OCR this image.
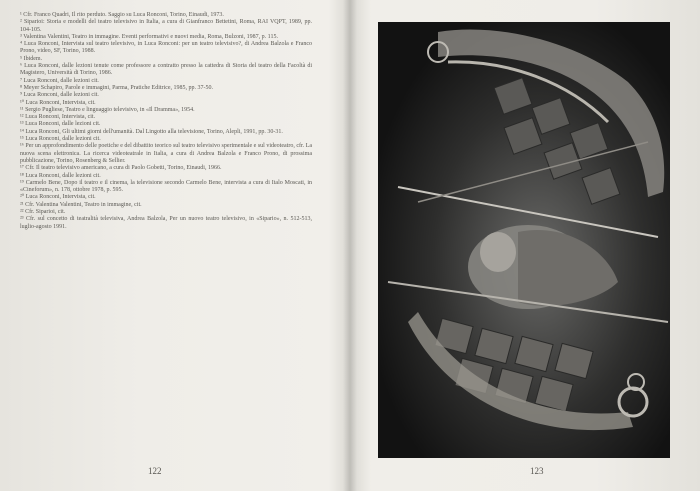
¹ Cfr. Franco Quadri, Il rito perduto. Saggio su Luca Ronconi, Torino, Einaudi, 1973.

² Siparioi: Storia e modelli del teatro televisivo in Italia, a cura di Gianfranco Bettetini, Roma, RAI VQPT, 1989, pp. 104-105.

³ Valentina Valentini, Teatro in immagine. Eventi performativi e nuovi media, Roma, Bulzoni, 1987, p. 115.

⁴ Luca Ronconi, Intervista sul teatro televisivo, in Luca Ronconi: per un teatro televisivo?, di Andrea Balzola e Franco Prono, video, SF, Torino, 1988.

⁵ Ibidem.

⁶ Luca Ronconi, dalle lezioni tenute come professore a contratto presso la cattedra di Storia del teatro della Facoltà di Magistero, Università di Torino, 1986.

⁷ Luca Ronconi, dalle lezioni cit.

⁸ Meyer Schapiro, Parole e immagini, Parma, Pratiche Editrice, 1985, pp. 37-50.

⁹ Luca Ronconi, dalle lezioni cit.

¹⁰ Luca Ronconi, Intervista, cit.

¹¹ Sergio Pugliese, Teatro e linguaggio televisivo, in «Il Dramma», 1954.

¹² Luca Ronconi, Intervista, cit.

¹³ Luca Ronconi, dalle lezioni cit.

¹⁴ Luca Ronconi, Gli ultimi giorni dell'umanità. Dal Lingotto alla televisione, Torino, Alepli, 1991, pp. 30-31.

¹⁵ Luca Ronconi, dalle lezioni cit.

¹⁶ Per un approfondimento delle poetiche e del dibattito teorico sul teatro televisivo sperimentale e sul videoteatro, cfr. La nuova scena elettronica. La ricerca videoteatrale in Italia, a cura di Andrea Balzola e Franco Prono, di prossima pubblicazione, Torino, Rosenberg & Sellier.

¹⁷ Cfr. Il teatro televisivo americano, a cura di Paolo Gobetti, Torino, Einaudi, 1966.

¹⁸ Luca Ronconi, dalle lezioni cit.

¹⁹ Carmelo Bene, Dopo il teatro e il cinema, la televisione secondo Carmelo Bene, intervista a cura di Italo Moscati, in «Cineforum», n. 178, ottobre 1978, p. 595.

²⁰ Luca Ronconi, Intervista, cit.

²¹ Cfr. Valentina Valentini, Teatro in immagine, cit.

²² Cfr. Siparioi, cit.

²³ Cfr. sul concetto di teatralità televisiva, Andrea Balzola, Per un nuovo teatro televisivo, in «Sipario», n. 512-513, luglio-agosto 1991.

122	123
